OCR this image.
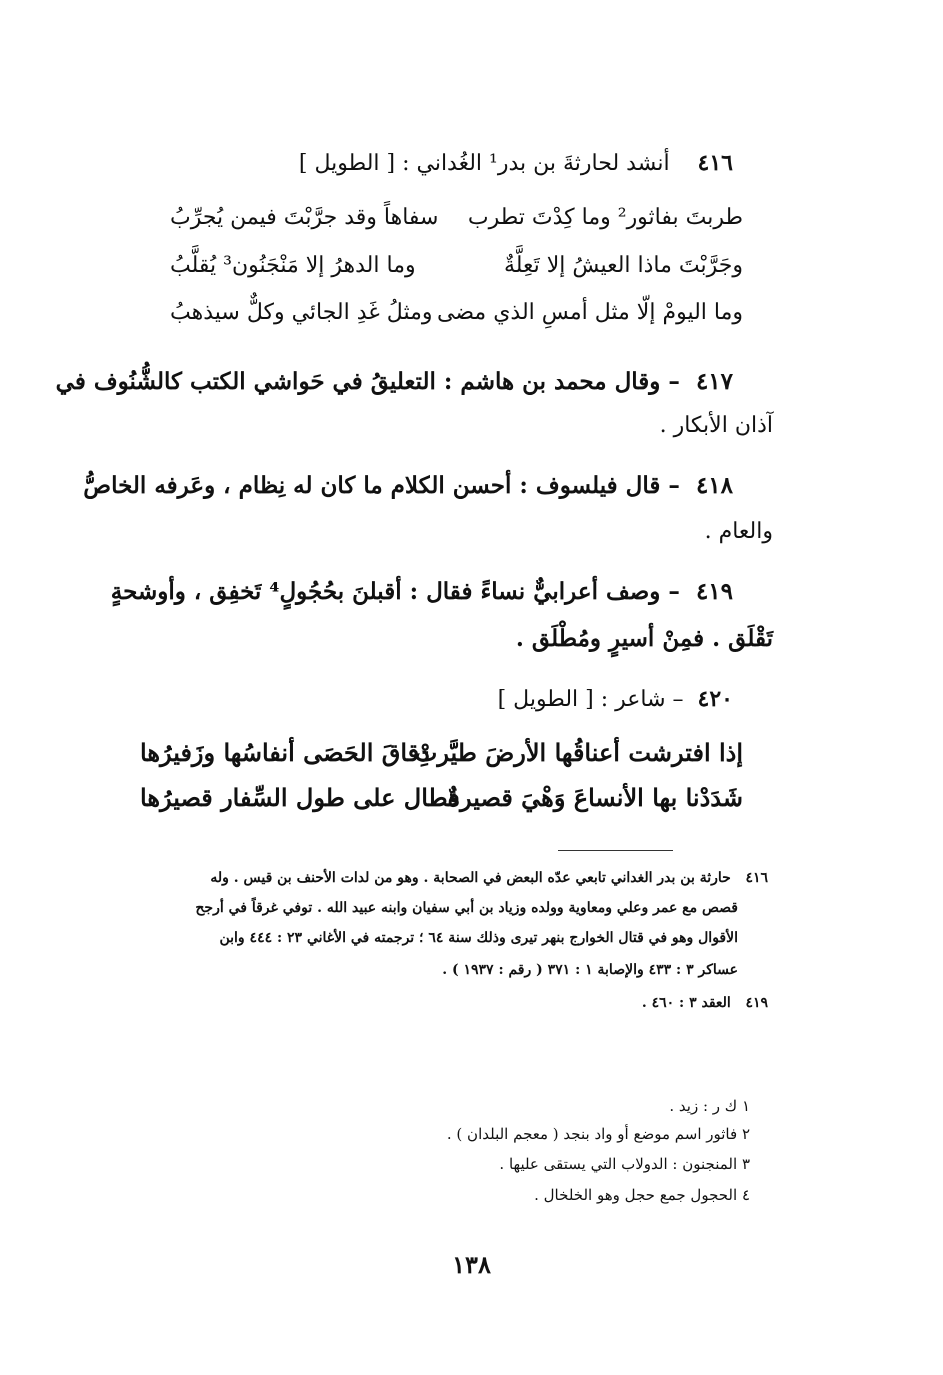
٤١٦    أنشد لحارثةَ بن بدر¹ الغُداني : [ الطويل ]
طربتَ بفاثور² وما كِدْتَ تطرب
سفاهاً وقد جرَّبْتَ فيمن يُجرِّبُ
وجَرَّبْتَ ماذا العيشُ إلا تَعِلَّةٌ
وما الدهرُ إلا مَنْجَنُون³ يُقلَّبُ
وما اليومْ إلّا مثل أمسِ الذي مضى
ومثلُ غَدِ الجائي وكلٌّ سيذهبُ
٤١٧  – وقال محمد بن هاشم : التعليقُ في حَواشي الكتب كالشُّنُوف في
آذان الأبكار .
٤١٨  – قال فيلسوف : أحسن الكلام ما كان له نِظام ، وعَرفه الخاصُّ
والعام .
٤١٩  – وصف أعرابيٌّ نساءً فقال : أقبلنَ بحُجُولٍ⁴ تَخفِق ، وأوشحةٍ
تَقْلَق . فمِنْ أسيرٍ ومُطْلَق .
٤٢٠  – شاعر : [ الطويل ]
إذا افترشت أعناقُها الأرضَ طيَّرتْ
دِقاقَ الحَصَى أنفاسُها وزَفيرُها
شَدَدْنا بها الأنساعَ وَهْيَ قصيرةٌ
فطال على طول السِّفار قصيرُها
٤١٦   حارثة بن بدر الغداني تابعي عدّه البعض في الصحابة . وهو من لدات الأحنف بن قيس . وله
قصص مع عمر وعلي ومعاوية وولده وزياد بن أبي سفيان وابنه عبيد الله . توفي غرقاً في أرجح
الأقوال وهو في قتال الخوارج بنهر تيرى وذلك سنة ٦٤ ؛ ترجمته في الأغاني ٢٣ : ٤٤٤ وابن
عساكر ٣ : ٤٣٣ والإصابة ١ : ٣٧١ ( رقم : ١٩٣٧ ) .
٤١٩   العقد ٣ : ٤٦٠ .
١ ك ر : زيد .
٢ فاثور اسم موضع أو واد بنجد ( معجم البلدان ) .
٣ المنجنون : الدولاب التي يستقى عليها .
٤ الحجول جمع حجل وهو الخلخال .
١٣٨
